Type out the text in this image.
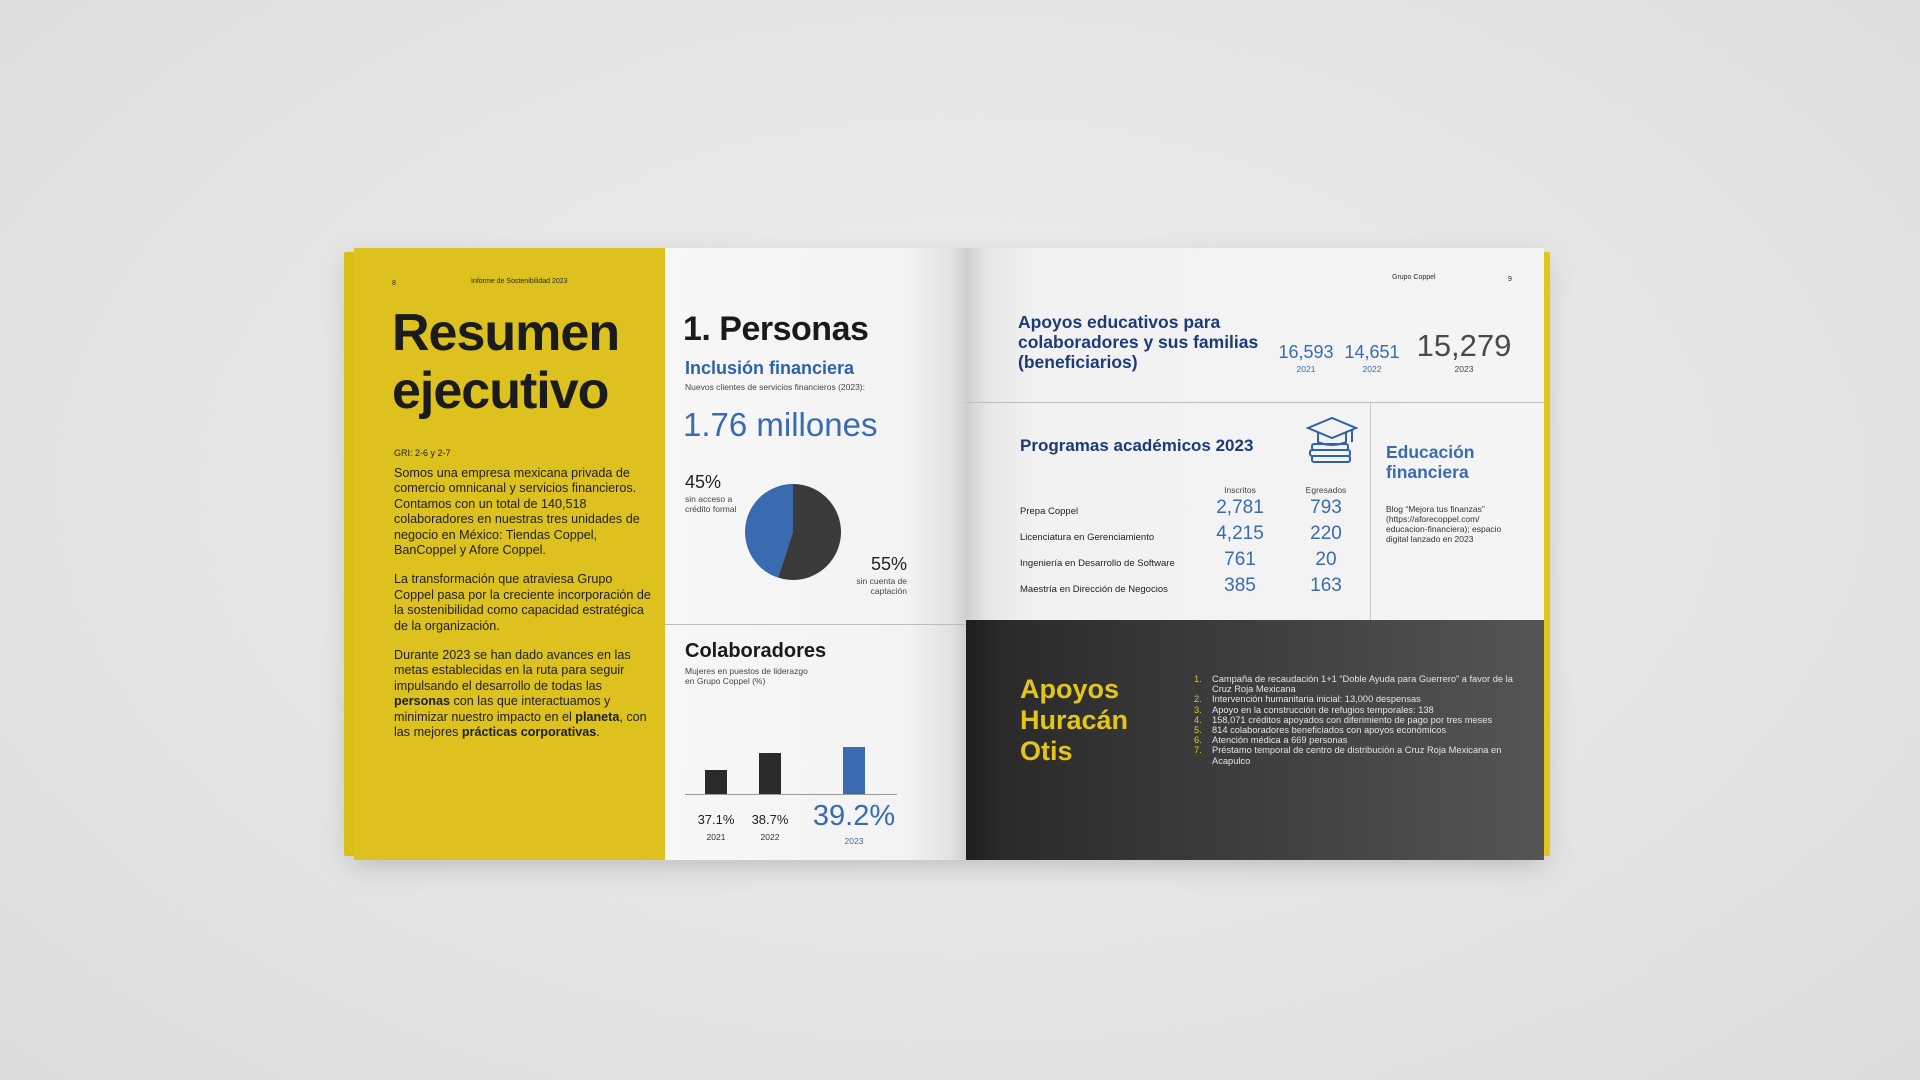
8	Informe de Sostenibilidad 2023
Resumen
ejecutivo
GRI: 2-6 y 2-7

Somos una empresa mexicana privada de comercio omnicanal y servicios financieros. Contamos con un total de 140,518 colaboradores en nuestras tres unidades de negocio en México: Tiendas Coppel, BanCoppel y Afore Coppel.

La transformación que atraviesa Grupo Coppel pasa por la creciente incorporación de la sostenibilidad como capacidad estratégica de la organización.

Durante 2023 se han dado avances en las metas establecidas en la ruta para seguir impulsando el desarrollo de todas las personas con las que interactuamos y minimizar nuestro impacto en el planeta, con las mejores prácticas corporativas.

1. Personas
Inclusión financiera
Nuevos clientes de servicios financieros (2023):
1.76 millones
45%
sin acceso a crédito formal
55%
sin cuenta de captación
Colaboradores
Mujeres en puestos de liderazgo en Grupo Coppel (%)
37.1%
2021
38.7%
2022
39.2%
2023
Grupo Coppel	9
Apoyos educativos para colaboradores y sus familias (beneficiarios)	16,593
2021
14,651
2022
15,279
2023
Programas académicos 2023
Inscritos	Egresados
Prepa Coppel	2,781	793
Licenciatura en Gerenciamiento	4,215	220
Ingeniería en Desarrollo de Software	761	20
Maestría en Dirección de Negocios	385	163
Educación financiera
Blog “Mejora tus finanzas” (https://aforecoppel.com/ educacion-financiera); espacio digital lanzado en 2023
Apoyos
Huracán
Otis
1. Campaña de recaudación 1+1 “Doble Ayuda para Guerrero” a favor de la Cruz Roja Mexicana
2. Intervención humanitaria inicial: 13,000 despensas
3. Apoyo en la construcción de refugios temporales: 138
4. 158,071 créditos apoyados con diferimiento de pago por tres meses
5. 814 colaboradores beneficiados con apoyos económicos
6. Atención médica a 669 personas
7. Préstamo temporal de centro de distribución a Cruz Roja Mexicana en Acapulco
